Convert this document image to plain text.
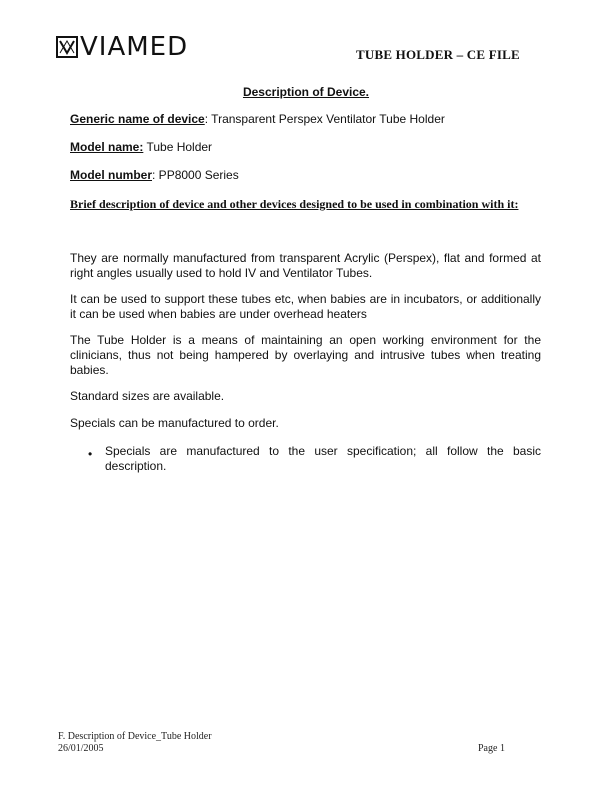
VIAMED	TUBE HOLDER – CE FILE
Description of Device.
Generic name of device: Transparent Perspex Ventilator Tube Holder
Model name: Tube Holder
Model number: PP8000 Series
Brief description of device and other devices designed to be used in combination with it:
They are normally manufactured from transparent Acrylic (Perspex), flat and formed at right angles usually used to hold IV and Ventilator Tubes.
It can be used to support these tubes etc, when babies are in incubators, or additionally it can be used when babies are under overhead heaters
The Tube Holder is a means of maintaining an open working environment for the clinicians, thus not being hampered by overlaying and intrusive tubes when treating babies.
Standard sizes are available.
Specials can be manufactured to order.
• Specials are manufactured to the user specification; all follow the basic description.
F. Description of Device_Tube Holder
26/01/2005	Page 1
